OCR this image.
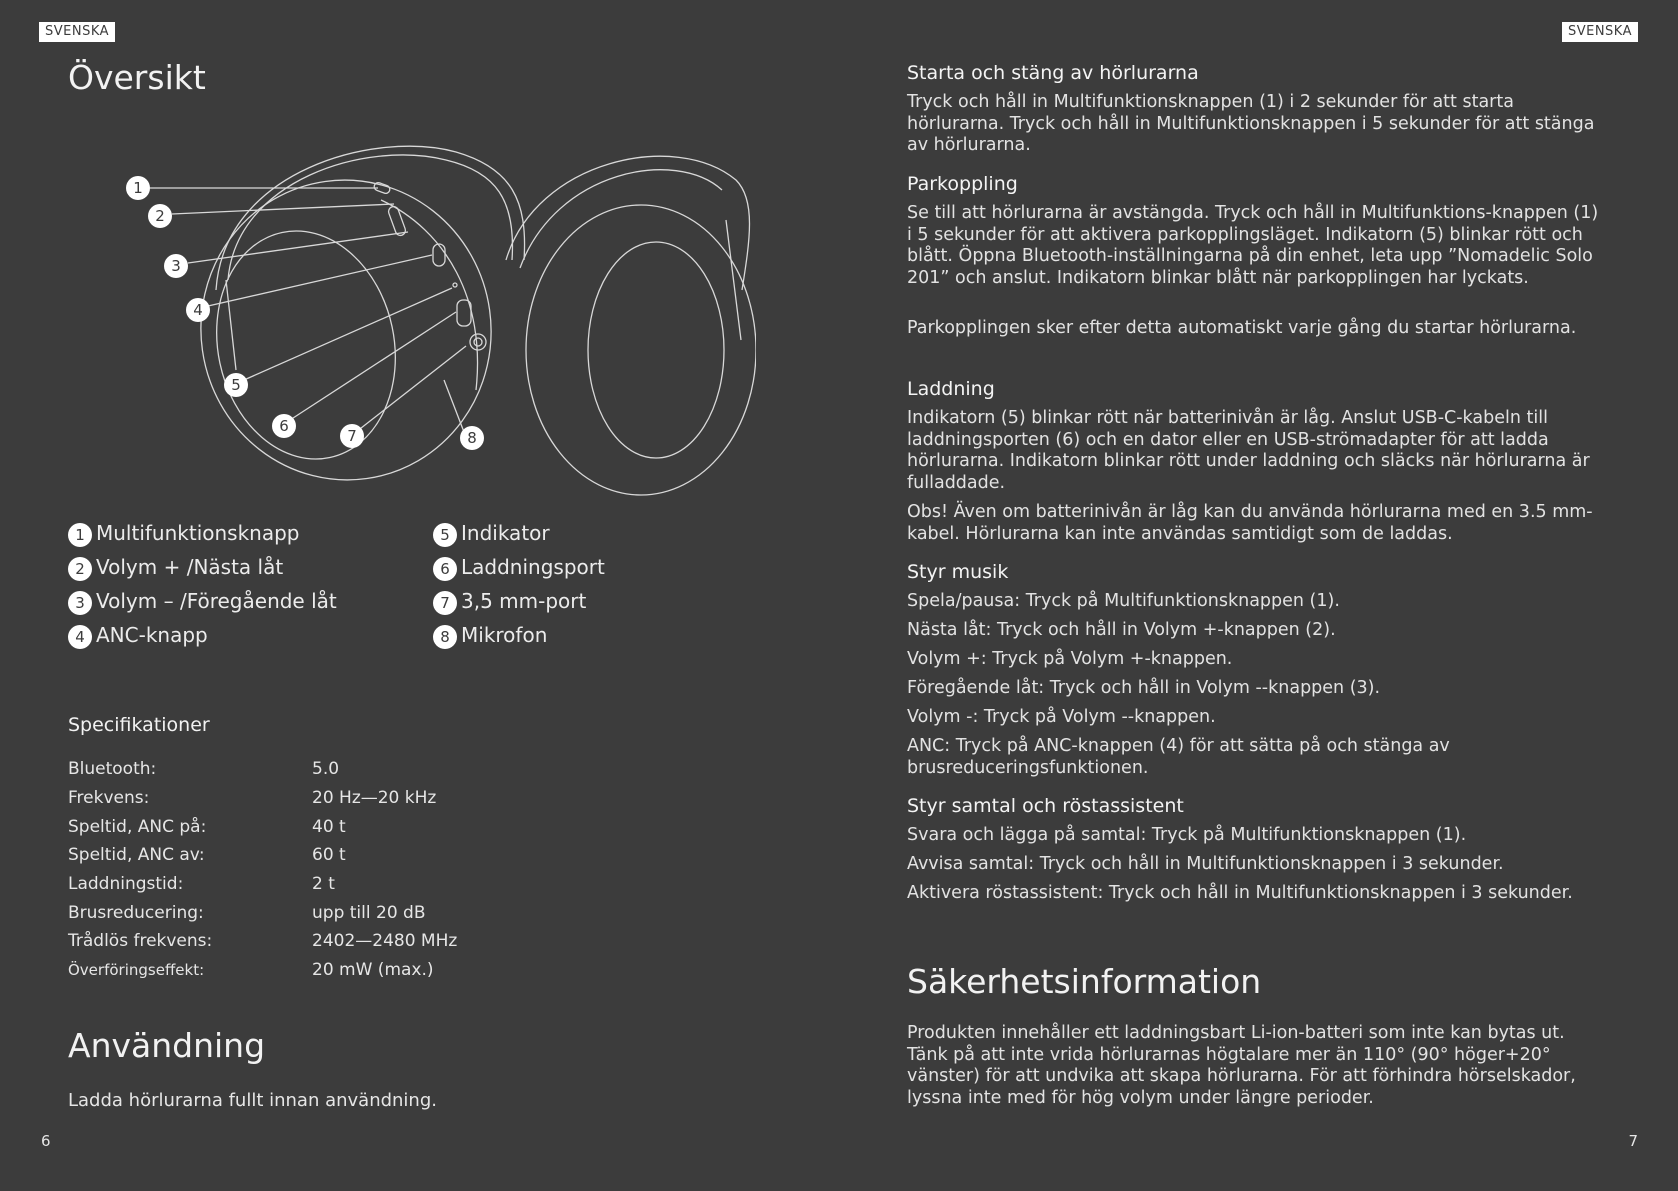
SVENSKA	SVENSKA
Översikt
1
2
3
4
5
6
7	8
1 Multifunktionsknapp
2 Volym + /Nästa låt
3 Volym – /Föregående låt
4 ANC-knapp
5 Indikator
6 Laddningsport
7 3,5 mm-port
8 Mikrofon
Specifikationer
Bluetooth:	5.0
Frekvens:	20 Hz—20 kHz
Speltid, ANC på:	40 t
Speltid, ANC av:	60 t
Laddningstid:	2 t
Brusreducering:	upp till 20 dB
Trådlös frekvens:	2402—2480 MHz
Överföringseffekt:	20 mW (max.)
Användning
Ladda hörlurarna fullt innan användning.
Starta och stäng av hörlurarna
Tryck och håll in Multifunktionsknappen (1) i 2 sekunder för att starta hörlurarna. Tryck och håll in Multifunktionsknappen i 5 sekunder för att stänga av hörlurarna.
Parkoppling
Se till att hörlurarna är avstängda. Tryck och håll in Multifunktions-knappen (1) i 5 sekunder för att aktivera parkopplingsläget. Indikatorn (5) blinkar rött och blått. Öppna Bluetooth-inställningarna på din enhet, leta upp ”Nomadelic Solo 201” och anslut. Indikatorn blinkar blått när parkopplingen har lyckats.
Parkopplingen sker efter detta automatiskt varje gång du startar hörlurarna.
Laddning
Indikatorn (5) blinkar rött när batterinivån är låg. Anslut USB-C-kabeln till laddningsporten (6) och en dator eller en USB-strömadapter för att ladda hörlurarna. Indikatorn blinkar rött under laddning och släcks när hörlurarna är fulladdade.
Obs! Även om batterinivån är låg kan du använda hörlurarna med en 3.5 mm-kabel. Hörlurarna kan inte användas samtidigt som de laddas.
Styr musik
Spela/pausa: Tryck på Multifunktionsknappen (1).
Nästa låt: Tryck och håll in Volym +-knappen (2).
Volym +: Tryck på Volym +-knappen.
Föregående låt: Tryck och håll in Volym --knappen (3).
Volym -: Tryck på Volym --knappen.
ANC: Tryck på ANC-knappen (4) för att sätta på och stänga av brusreduceringsfunktionen.
Styr samtal och röstassistent
Svara och lägga på samtal: Tryck på Multifunktionsknappen (1).
Avvisa samtal: Tryck och håll in Multifunktionsknappen i 3 sekunder.
Aktivera röstassistent: Tryck och håll in Multifunktionsknappen i 3 sekunder.
Säkerhetsinformation
Produkten innehåller ett laddningsbart Li-ion-batteri som inte kan bytas ut. Tänk på att inte vrida hörlurarnas högtalare mer än 110° (90° höger+20° vänster) för att undvika att skapa hörlurarna. För att förhindra hörselskador, lyssna inte med för hög volym under längre perioder.
6	7
